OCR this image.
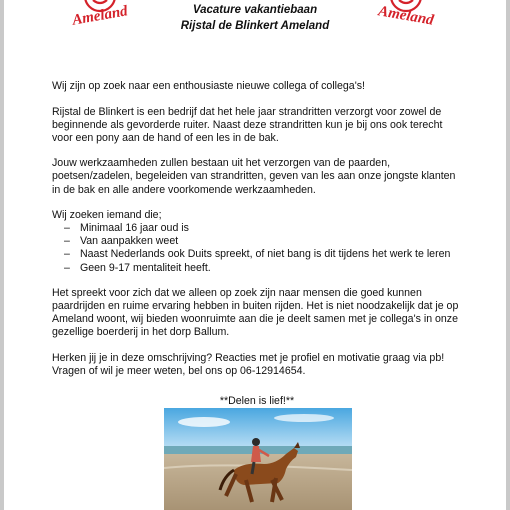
Ameland	Vacature vakantiebaan
Rijstal de Blinkert Ameland	Ameland

Wij zijn op zoek naar een enthousiaste nieuwe collega of collega's!

Rijstal de Blinkert is een bedrijf dat het hele jaar strandritten verzorgt voor zowel de beginnende als gevorderde ruiter. Naast deze strandritten kun je bij ons ook terecht voor een pony aan de hand of een les in de bak.

Jouw werkzaamheden zullen bestaan uit het verzorgen van de paarden, poetsen/zadelen, begeleiden van strandritten, geven van les aan onze jongste klanten in de bak en alle andere voorkomende werkzaamheden.

Wij zoeken iemand die;
– Minimaal 16 jaar oud is
– Van aanpakken weet
– Naast Nederlands ook Duits spreekt, of niet bang is dit tijdens het werk te leren
– Geen 9-17 mentaliteit heeft.

Het spreekt voor zich dat we alleen op zoek zijn naar mensen die goed kunnen paardrijden en ruime ervaring hebben in buiten rijden. Het is niet noodzakelijk dat je op Ameland woont, wij bieden woonruimte aan die je deelt samen met je collega's in onze gezellige boerderij in het dorp Ballum.

Herken jij je in deze omschrijving? Reacties met je profiel en motivatie graag via pb! Vragen of wil je meer weten, bel ons op 06-12914654.

**Delen is lief!**
